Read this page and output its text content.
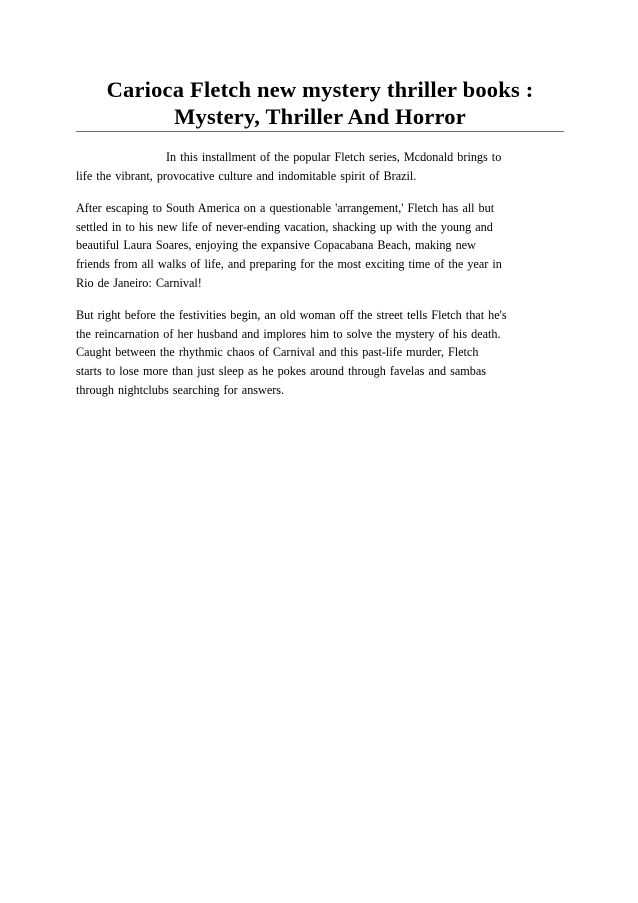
Carioca Fletch new mystery thriller books :
Mystery, Thriller And Horror
In this installment of the popular Fletch series, Mcdonald brings to
life the vibrant, provocative culture and indomitable spirit of Brazil.
After escaping to South America on a questionable 'arrangement,' Fletch has all but
settled in to his new life of never-ending vacation, shacking up with the young and
beautiful Laura Soares, enjoying the expansive Copacabana Beach, making new
friends from all walks of life, and preparing for the most exciting time of the year in
Rio de Janeiro: Carnival!
But right before the festivities begin, an old woman off the street tells Fletch that he's
the reincarnation of her husband and implores him to solve the mystery of his death.
Caught between the rhythmic chaos of Carnival and this past-life murder, Fletch
starts to lose more than just sleep as he pokes around through favelas and sambas
through nightclubs searching for answers.
